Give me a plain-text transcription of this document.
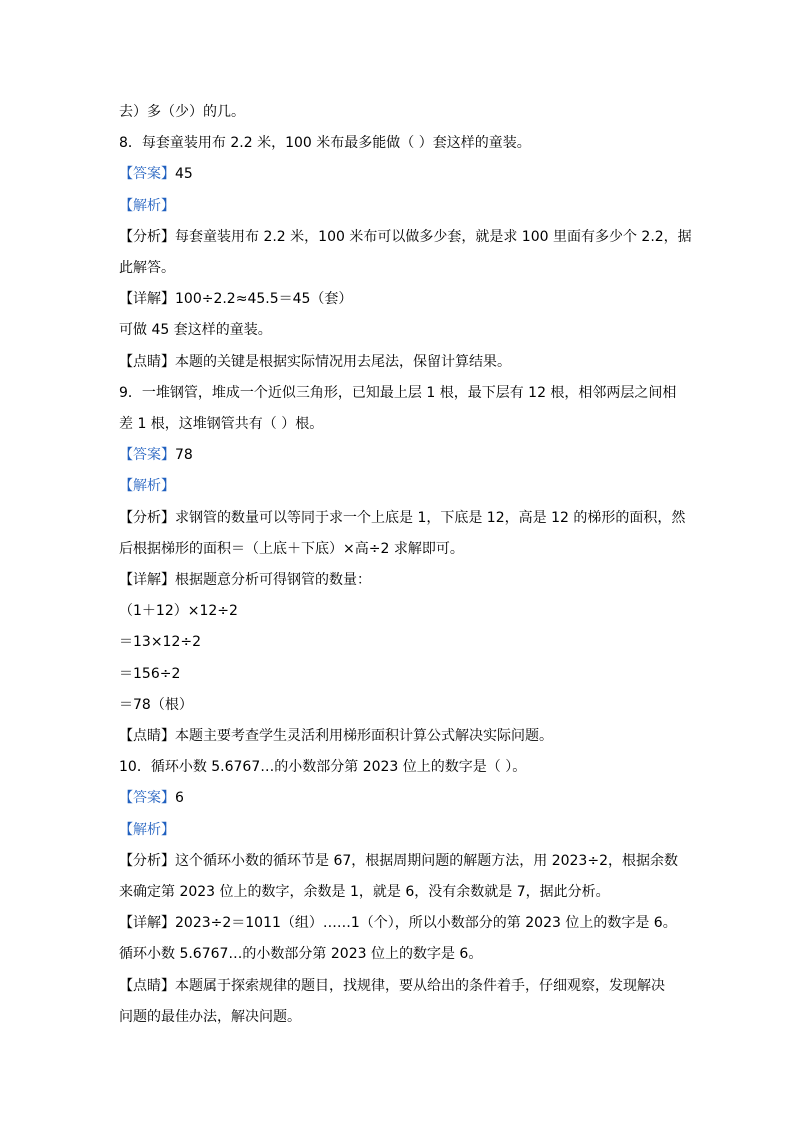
去）多（少）的几。
8．每套童装用布 2.2 米，100 米布最多能做（ ）套这样的童装。
【答案】45
【解析】
【分析】每套童装用布 2.2 米，100 米布可以做多少套，就是求 100 里面有多少个 2.2，据
此解答。
【详解】100÷2.2≈45.5＝45（套）
可做 45 套这样的童装。
【点睛】本题的关键是根据实际情况用去尾法，保留计算结果。
9．一堆钢管，堆成一个近似三角形，已知最上层 1 根，最下层有 12 根，相邻两层之间相
差 1 根，这堆钢管共有（ ）根。
【答案】78
【解析】
【分析】求钢管的数量可以等同于求一个上底是 1，下底是 12，高是 12 的梯形的面积，然
后根据梯形的面积＝（上底＋下底）×高÷2 求解即可。
【详解】根据题意分析可得钢管的数量：
（1＋12）×12÷2
＝13×12÷2
＝156÷2
＝78（根）
【点睛】本题主要考查学生灵活利用梯形面积计算公式解决实际问题。
10．循环小数 5.6767…的小数部分第 2023 位上的数字是（ ）。
【答案】6
【解析】
【分析】这个循环小数的循环节是 67，根据周期问题的解题方法，用 2023÷2，根据余数
来确定第 2023 位上的数字，余数是 1，就是 6，没有余数就是 7，据此分析。
【详解】2023÷2＝1011（组）……1（个），所以小数部分的第 2023 位上的数字是 6。
循环小数 5.6767…的小数部分第 2023 位上的数字是 6。
【点睛】本题属于探索规律的题目，找规律，要从给出的条件着手，仔细观察，发现解决
问题的最佳办法，解决问题。
